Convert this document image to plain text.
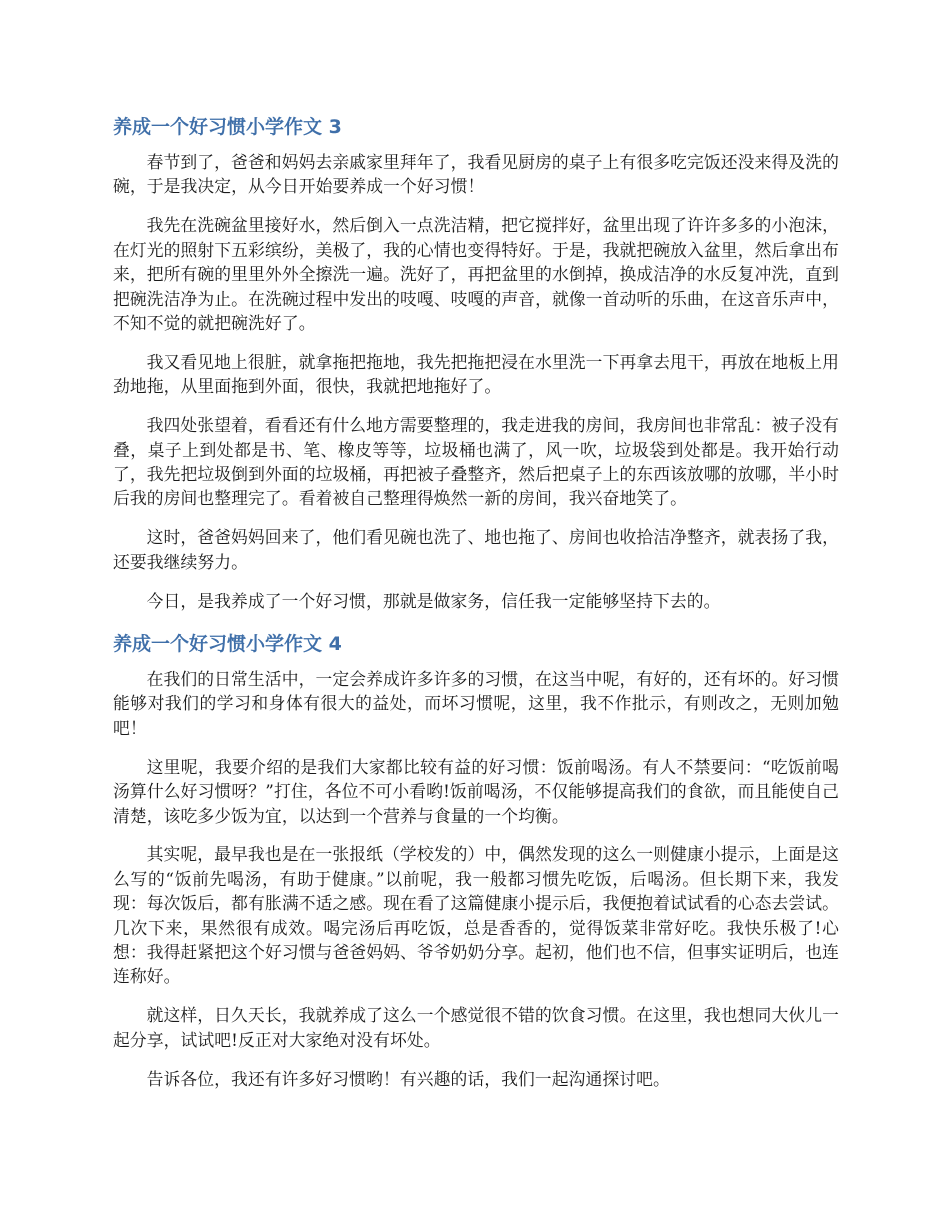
养成一个好习惯小学作文 3

春节到了，爸爸和妈妈去亲戚家里拜年了，我看见厨房的桌子上有很多吃完饭还没来得及洗的碗，于是我决定，从今日开始要养成一个好习惯！

我先在洗碗盆里接好水，然后倒入一点洗洁精，把它搅拌好，盆里出现了许许多多的小泡沫，在灯光的照射下五彩缤纷，美极了，我的心情也变得特好。于是，我就把碗放入盆里，然后拿出布来，把所有碗的里里外外全擦洗一遍。洗好了，再把盆里的水倒掉，换成洁净的水反复冲洗，直到把碗洗洁净为止。在洗碗过程中发出的吱嘎、吱嘎的声音，就像一首动听的乐曲，在这音乐声中，不知不觉的就把碗洗好了。

我又看见地上很脏，就拿拖把拖地，我先把拖把浸在水里洗一下再拿去甩干，再放在地板上用劲地拖，从里面拖到外面，很快，我就把地拖好了。

我四处张望着，看看还有什么地方需要整理的，我走进我的房间，我房间也非常乱：被子没有叠，桌子上到处都是书、笔、橡皮等等，垃圾桶也满了，风一吹，垃圾袋到处都是。我开始行动了，我先把垃圾倒到外面的垃圾桶，再把被子叠整齐，然后把桌子上的东西该放哪的放哪，半小时后我的房间也整理完了。看着被自己整理得焕然一新的房间，我兴奋地笑了。

这时，爸爸妈妈回来了，他们看见碗也洗了、地也拖了、房间也收拾洁净整齐，就表扬了我，还要我继续努力。

今日，是我养成了一个好习惯，那就是做家务，信任我一定能够坚持下去的。

养成一个好习惯小学作文 4

在我们的日常生活中，一定会养成许多许多的习惯，在这当中呢，有好的，还有坏的。好习惯能够对我们的学习和身体有很大的益处，而坏习惯呢，这里，我不作批示，有则改之，无则加勉吧！

这里呢，我要介绍的是我们大家都比较有益的好习惯：饭前喝汤。有人不禁要问：“吃饭前喝汤算什么好习惯呀？”打住，各位不可小看哟!饭前喝汤，不仅能够提高我们的食欲，而且能使自己清楚，该吃多少饭为宜，以达到一个营养与食量的一个均衡。

其实呢，最早我也是在一张报纸（学校发的）中，偶然发现的这么一则健康小提示，上面是这么写的“饭前先喝汤，有助于健康。”以前呢，我一般都习惯先吃饭，后喝汤。但长期下来，我发现：每次饭后，都有胀满不适之感。现在看了这篇健康小提示后，我便抱着试试看的心态去尝试。几次下来，果然很有成效。喝完汤后再吃饭，总是香香的，觉得饭菜非常好吃。我快乐极了!心想：我得赶紧把这个好习惯与爸爸妈妈、爷爷奶奶分享。起初，他们也不信，但事实证明后，也连连称好。

就这样，日久天长，我就养成了这么一个感觉很不错的饮食习惯。在这里，我也想同大伙儿一起分享，试试吧!反正对大家绝对没有坏处。

告诉各位，我还有许多好习惯哟！有兴趣的话，我们一起沟通探讨吧。
